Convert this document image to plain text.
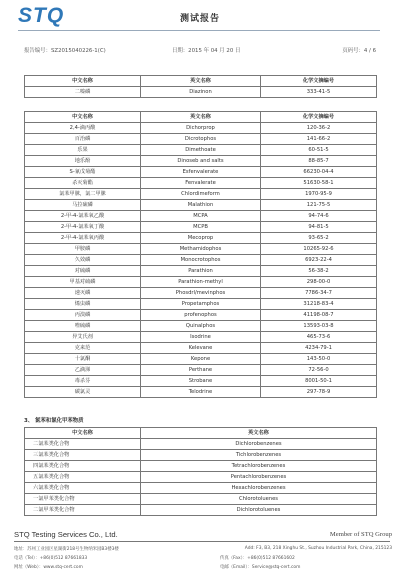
STQ	测试报告
报告编号：SZ2015040226-1(C)	日期：2015 年 04 月 20 日	页码号：4 / 6
中文名称	英文名称	化学文摘编号
二嗪磷	Diazinon	333-41-5
中文名称	英文名称	化学文摘编号
2,4-滴丙酸	Dichorprop	120-36-2
百治磷	Dicrotophos	141-66-2
乐果	Dimethoate	60-51-5
地乐酚	Dinoseb and salts	88-85-7
S-氰戊菊酯	Esfenvalerate	66230-04-4
杀灭菊酯	Fenvalerate	51630-58-1
氯苯甲脒，氯二甲脒	Chlordimeform	1970-95-9
马拉硫磷	Malathion	121-75-5
2-甲-4-氯苯氧乙酸	MCPA	94-74-6
2-甲-4-氯苯氧丁酸	MCPB	94-81-5
2-甲-4-氯苯氧丙酸	Mecoprop	93-65-2
甲胺磷	Methamidophos	10265-92-6
久效磷	Monocrotophos	6923-22-4
对硫磷	Parathion	56-38-2
甲基对硫磷	Parathion-methyl	298-00-0
速灭磷	Phosdrl/mevinphos	7786-34-7
烯虫磷	Propetamphos	31218-83-4
丙溴磷	profenophos	41198-08-7
喹硫磷	Quinalphos	13593-03-8
异艾氏剂	Isodrine	465-73-6
克来范	Kelevane	4234-79-1
十氯酮	Kepone	143-50-0
乙滴涕	Perthane	72-56-0
毒杀芬	Strobane	8001-50-1
碳氯灵	Telodrine	297-78-9
3、 氯苯和氯化甲苯物质
中文名称	英文名称
二氯苯类化合物	Dichlorobenzenes
三氯苯类化合物	Tichlorobenzenes
四氯苯类化合物	Tetrachlorobenzenes
五氯苯类化合物	Pentachlorobenzenes
六氯苯类化合物	Hexachlorobenzenes
一氯甲苯类化合物	Chlorotoluenes
二氯甲苯类化合物	Dichlorotoluenes
STQ Testing Services Co., Ltd.	Member of STQ Group
地址：苏州工业园区星湖街218号生物纳米园B3楼3楼	Add: F3, B3, 218 Xinghu St., Suzhou Industrial Park, China, 215123
电话（Tel）：+86(0)512 87661833	传真（Fax）：+86(0)512 87661602
网址（Web）：www.stq-cert.com	电邮（Email）：Service@stq-cert.com
